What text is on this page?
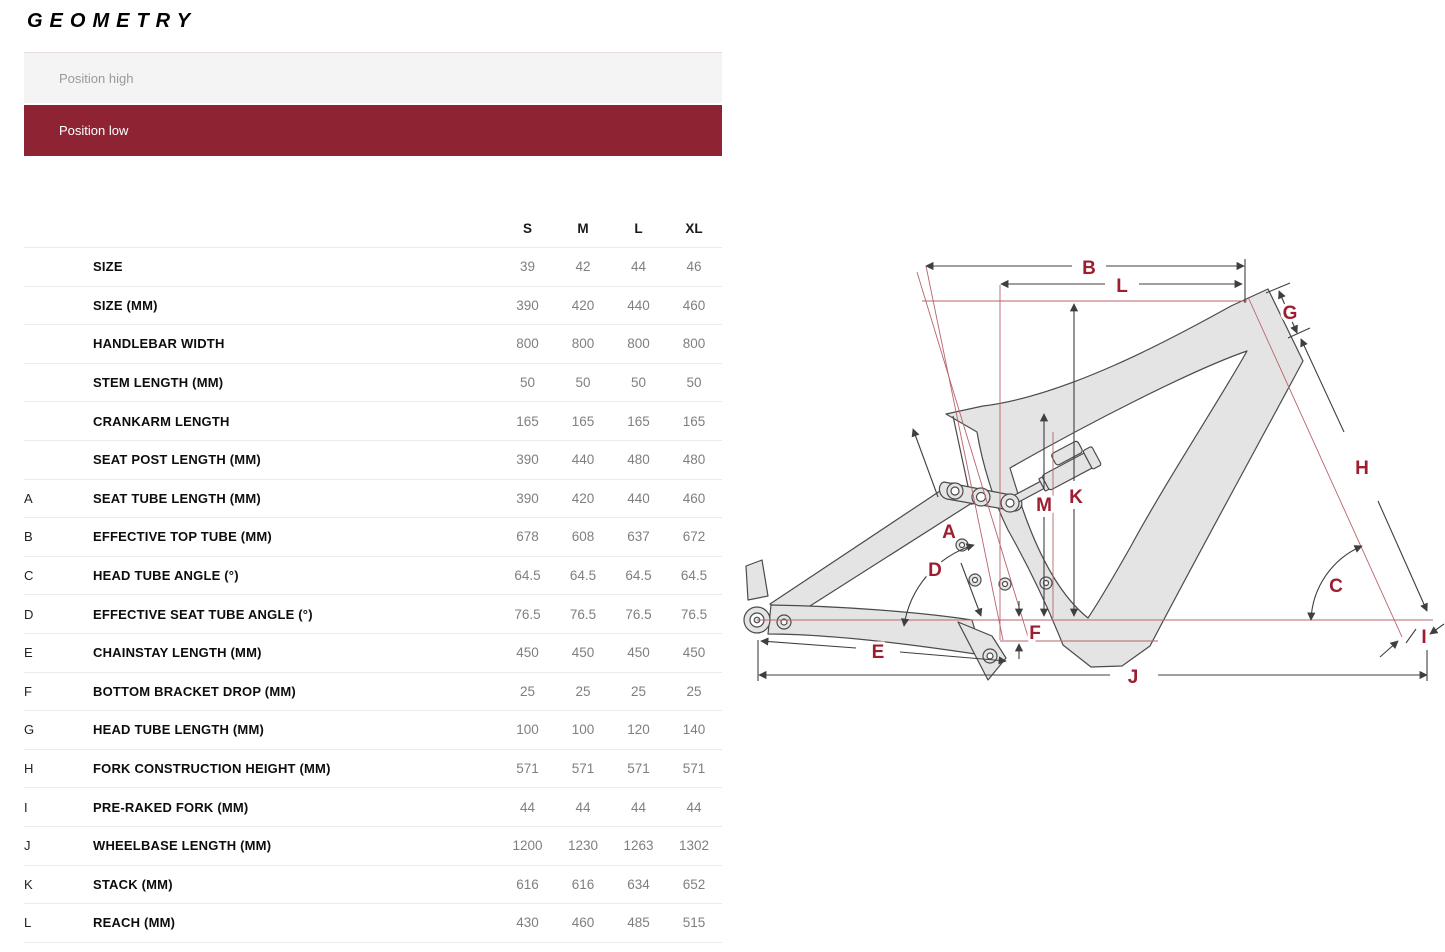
GEOMETRY
Position high
Position low
S	M	L	XL
SIZE	39	42	44	46
SIZE (MM)	390	420	440	460
HANDLEBAR WIDTH	800	800	800	800
STEM LENGTH (MM)	50	50	50	50
CRANKARM LENGTH	165	165	165	165
SEAT POST LENGTH (MM)	390	440	480	480
A	SEAT TUBE LENGTH (MM)	390	420	440	460
B	EFFECTIVE TOP TUBE (MM)	678	608	637	672
C	HEAD TUBE ANGLE (°)	64.5	64.5	64.5	64.5
D	EFFECTIVE SEAT TUBE ANGLE (°)	76.5	76.5	76.5	76.5
E	CHAINSTAY LENGTH (MM)	450	450	450	450
F	BOTTOM BRACKET DROP (MM)	25	25	25	25
G	HEAD TUBE LENGTH (MM)	100	100	120	140
H	FORK CONSTRUCTION HEIGHT (MM)	571	571	571	571
I	PRE-RAKED FORK (MM)	44	44	44	44
J	WHEELBASE LENGTH (MM)	1200	1230	1263	1302
K	STACK (MM)	616	616	634	652
L	REACH (MM)	430	460	485	515
A
B
C
D
E
F
G
H
I
J
K
L
M
